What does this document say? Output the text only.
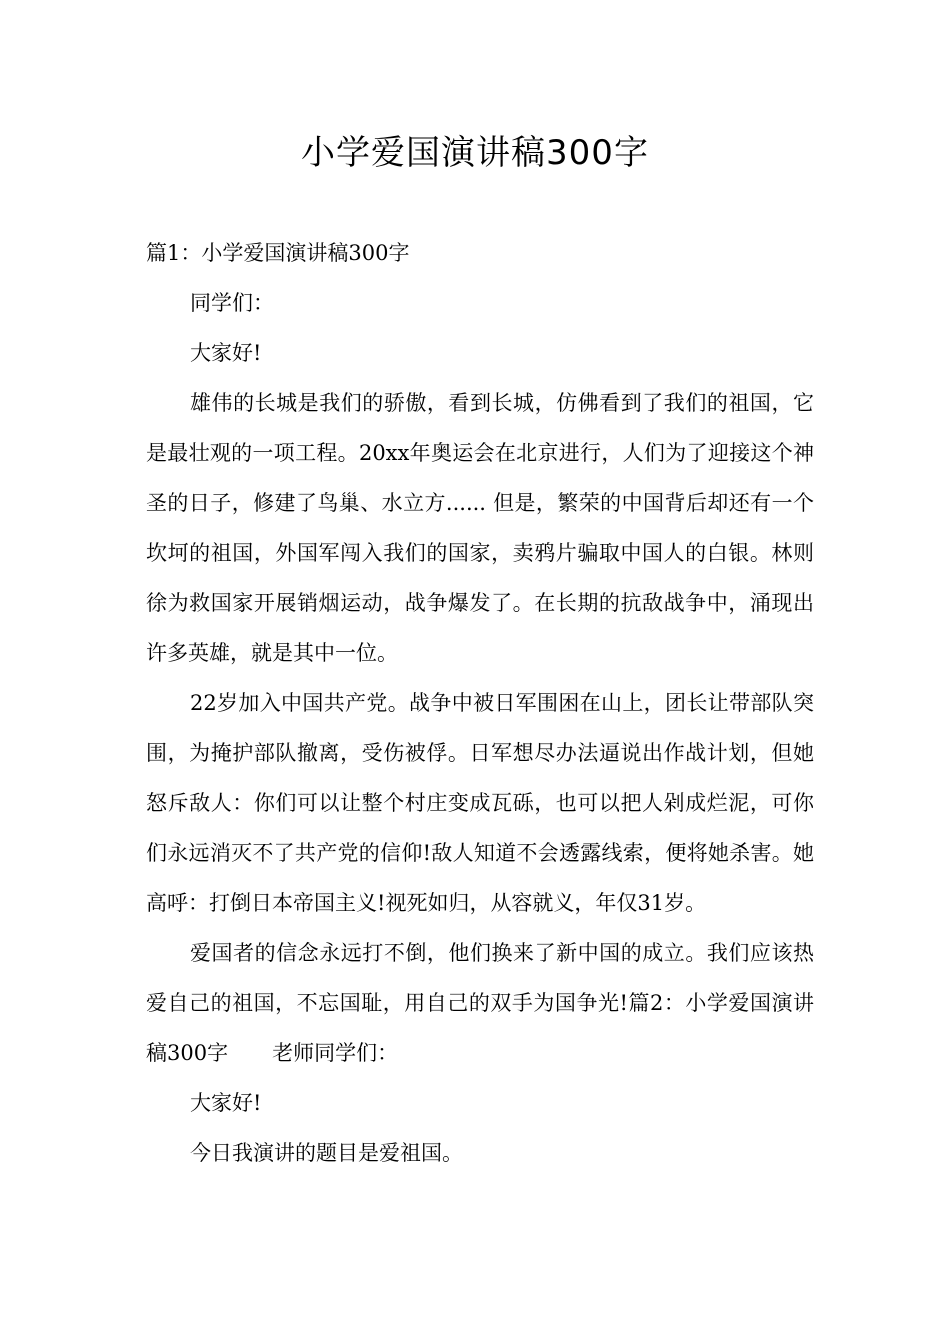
小学爱国演讲稿300字

篇1：小学爱国演讲稿300字

同学们：

大家好!

雄伟的长城是我们的骄傲，看到长城，仿佛看到了我们的祖国，它是最壮观的一项工程。20xx年奥运会在北京进行，人们为了迎接这个神圣的日子，修建了鸟巢、水立方...... 但是，繁荣的中国背后却还有一个坎坷的祖国，外国军闯入我们的国家，卖鸦片骗取中国人的白银。林则徐为救国家开展销烟运动，战争爆发了。在长期的抗敌战争中，涌现出许多英雄，就是其中一位。

22岁加入中国共产党。战争中被日军围困在山上，团长让带部队突围，为掩护部队撤离，受伤被俘。日军想尽办法逼说出作战计划，但她怒斥敌人：你们可以让整个村庄变成瓦砾，也可以把人剁成烂泥，可你们永远消灭不了共产党的信仰!敌人知道不会透露线索，便将她杀害。她高呼：打倒日本帝国主义!视死如归，从容就义，年仅31岁。

爱国者的信念永远打不倒，他们换来了新中国的成立。我们应该热爱自己的祖国，不忘国耻，用自己的双手为国争光!篇2：小学爱国演讲稿300字 老师同学们：

大家好!

今日我演讲的题目是爱祖国。
